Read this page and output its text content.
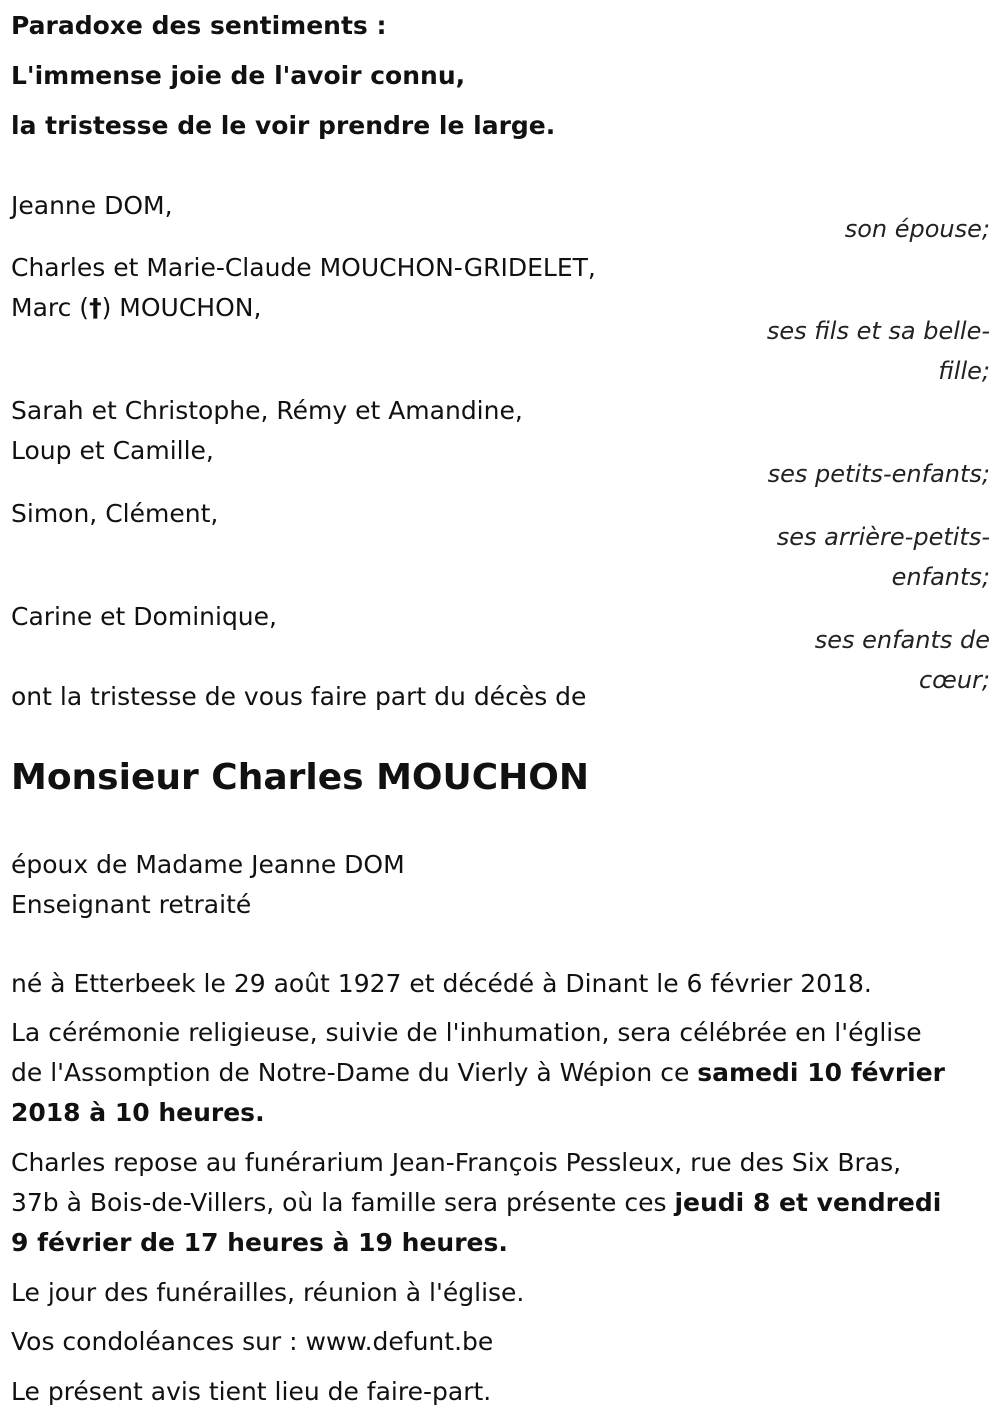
Paradoxe des sentiments :
L'immense joie de l'avoir connu,
la tristesse de le voir prendre le large.
Jeanne DOM,
son épouse;
Charles et Marie-Claude MOUCHON-GRIDELET,
Marc (†) MOUCHON,
ses fils et sa belle-
fille;
Sarah et Christophe, Rémy et Amandine,
Loup et Camille,
ses petits-enfants;
Simon, Clément,
ses arrière-petits-
enfants;
Carine et Dominique,
ses enfants de
cœur;
ont la tristesse de vous faire part du décès de
Monsieur Charles MOUCHON
époux de Madame Jeanne DOM
Enseignant retraité
né à Etterbeek le 29 août 1927 et décédé à Dinant le 6 février 2018.
La cérémonie religieuse, suivie de l'inhumation, sera célébrée en l'église
de l'Assomption de Notre-Dame du Vierly à Wépion ce samedi 10 février
2018 à 10 heures.
Charles repose au funérarium Jean-François Pessleux, rue des Six Bras,
37b à Bois-de-Villers, où la famille sera présente ces jeudi 8 et vendredi
9 février de 17 heures à 19 heures.
Le jour des funérailles, réunion à l'église.
Vos condoléances sur : www.defunt.be
Le présent avis tient lieu de faire-part.
